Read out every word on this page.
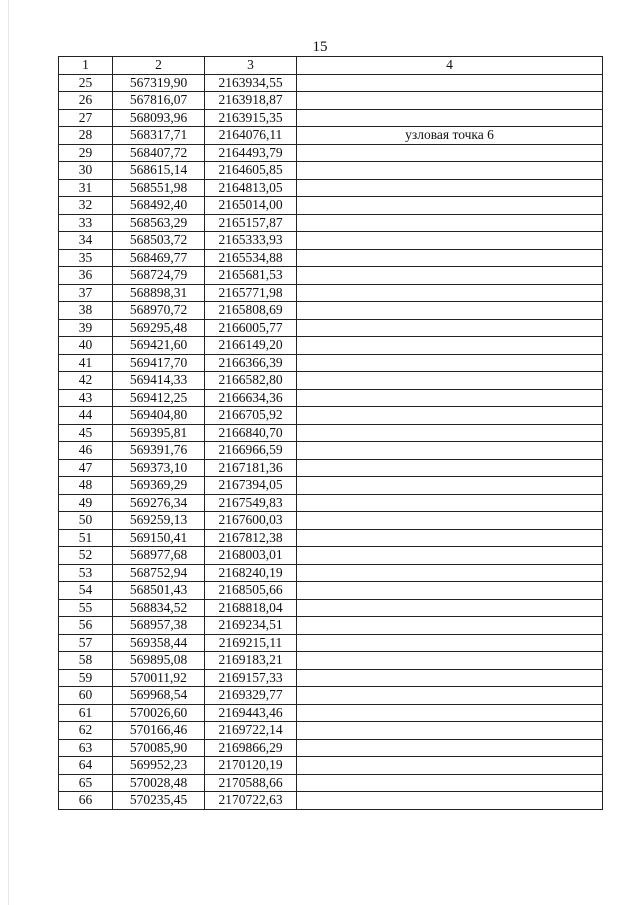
15
1	2	3	4
25	567319,90	2163934,55	
26	567816,07	2163918,87	
27	568093,96	2163915,35	
28	568317,71	2164076,11	узловая точка 6
29	568407,72	2164493,79	
30	568615,14	2164605,85	
31	568551,98	2164813,05	
32	568492,40	2165014,00	
33	568563,29	2165157,87	
34	568503,72	2165333,93	
35	568469,77	2165534,88	
36	568724,79	2165681,53	
37	568898,31	2165771,98	
38	568970,72	2165808,69	
39	569295,48	2166005,77	
40	569421,60	2166149,20	
41	569417,70	2166366,39	
42	569414,33	2166582,80	
43	569412,25	2166634,36	
44	569404,80	2166705,92	
45	569395,81	2166840,70	
46	569391,76	2166966,59	
47	569373,10	2167181,36	
48	569369,29	2167394,05	
49	569276,34	2167549,83	
50	569259,13	2167600,03	
51	569150,41	2167812,38	
52	568977,68	2168003,01	
53	568752,94	2168240,19	
54	568501,43	2168505,66	
55	568834,52	2168818,04	
56	568957,38	2169234,51	
57	569358,44	2169215,11	
58	569895,08	2169183,21	
59	570011,92	2169157,33	
60	569968,54	2169329,77	
61	570026,60	2169443,46	
62	570166,46	2169722,14	
63	570085,90	2169866,29	
64	569952,23	2170120,19	
65	570028,48	2170588,66	
66	570235,45	2170722,63	
